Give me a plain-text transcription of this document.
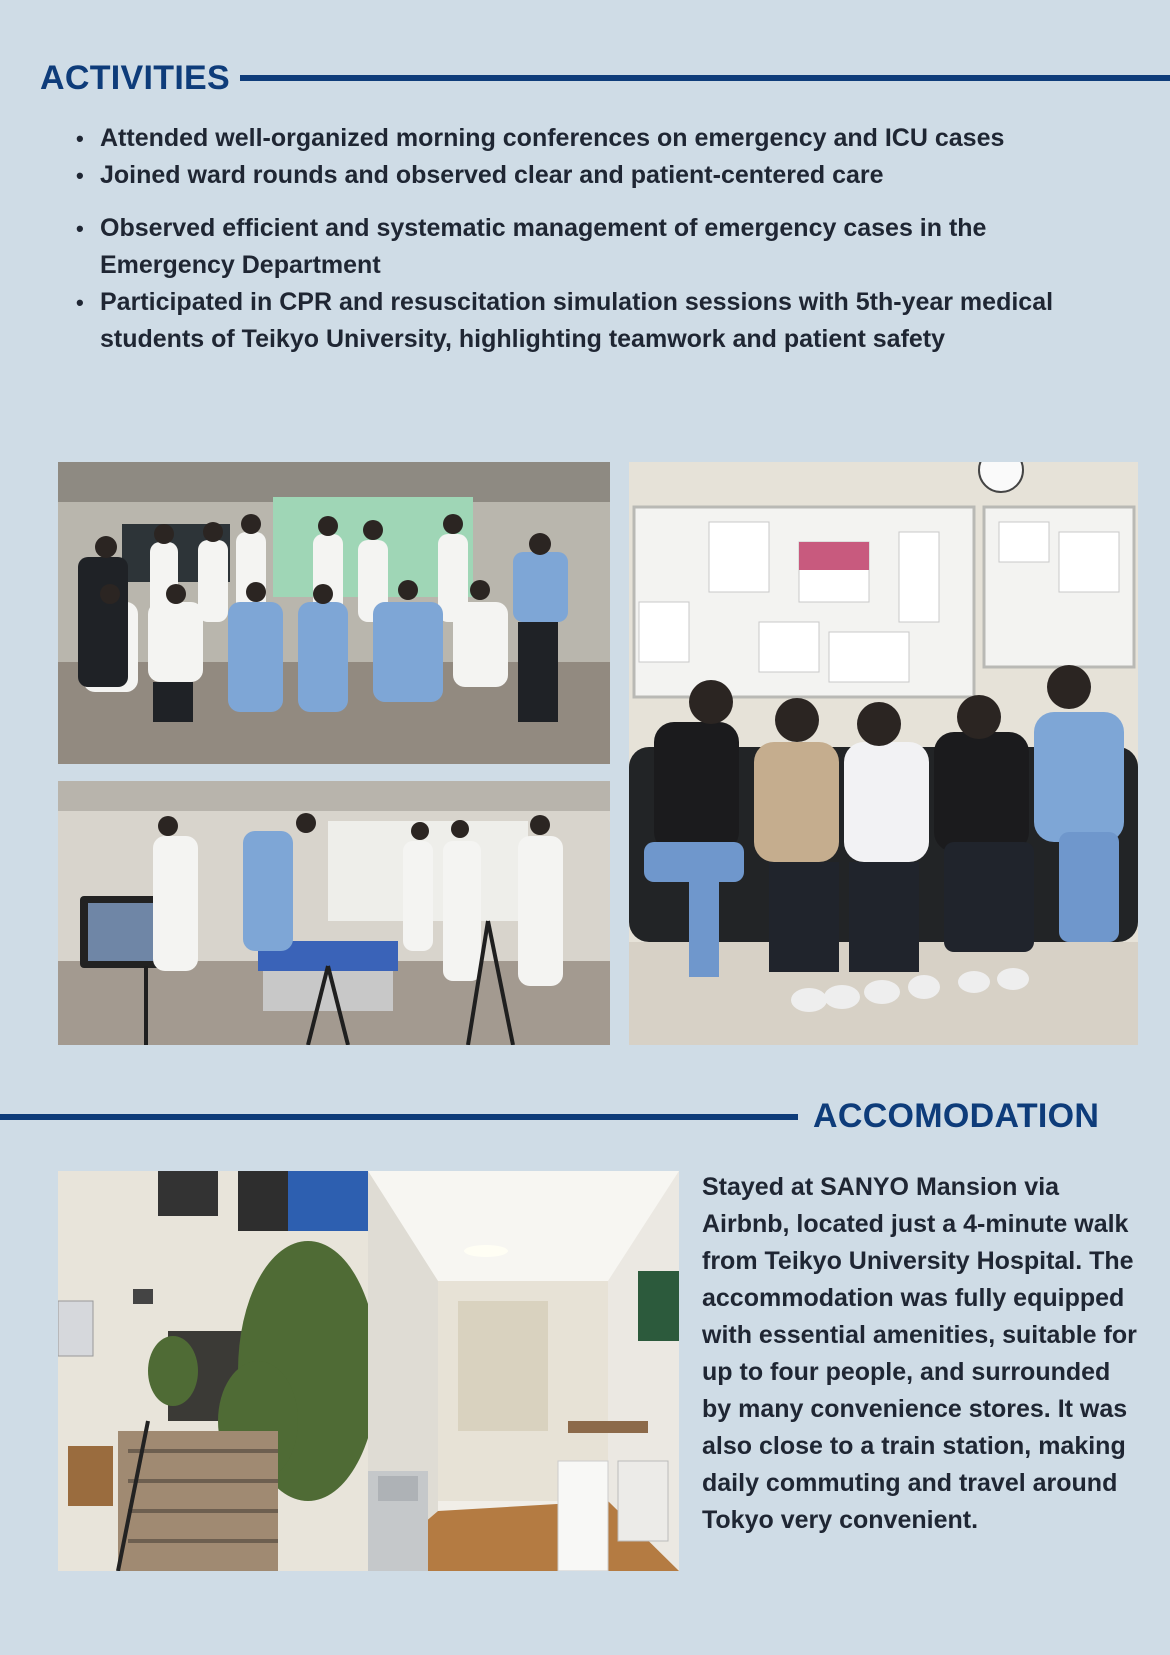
ACTIVITIES
• Attended well-organized morning conferences on emergency and ICU cases
• Joined ward rounds and observed clear and patient-centered care
• Observed efficient and systematic management of emergency cases in the Emergency Department
• Participated in CPR and resuscitation simulation sessions with 5th-year medical students of Teikyo University, highlighting teamwork and patient safety
ACCOMODATION
Stayed at SANYO Mansion via Airbnb, located just a 4-minute walk from Teikyo University Hospital. The accommodation was fully equipped with essential amenities, suitable for up to four people, and surrounded by many convenience stores. It was also close to a train station, making daily commuting and travel around Tokyo very convenient.
